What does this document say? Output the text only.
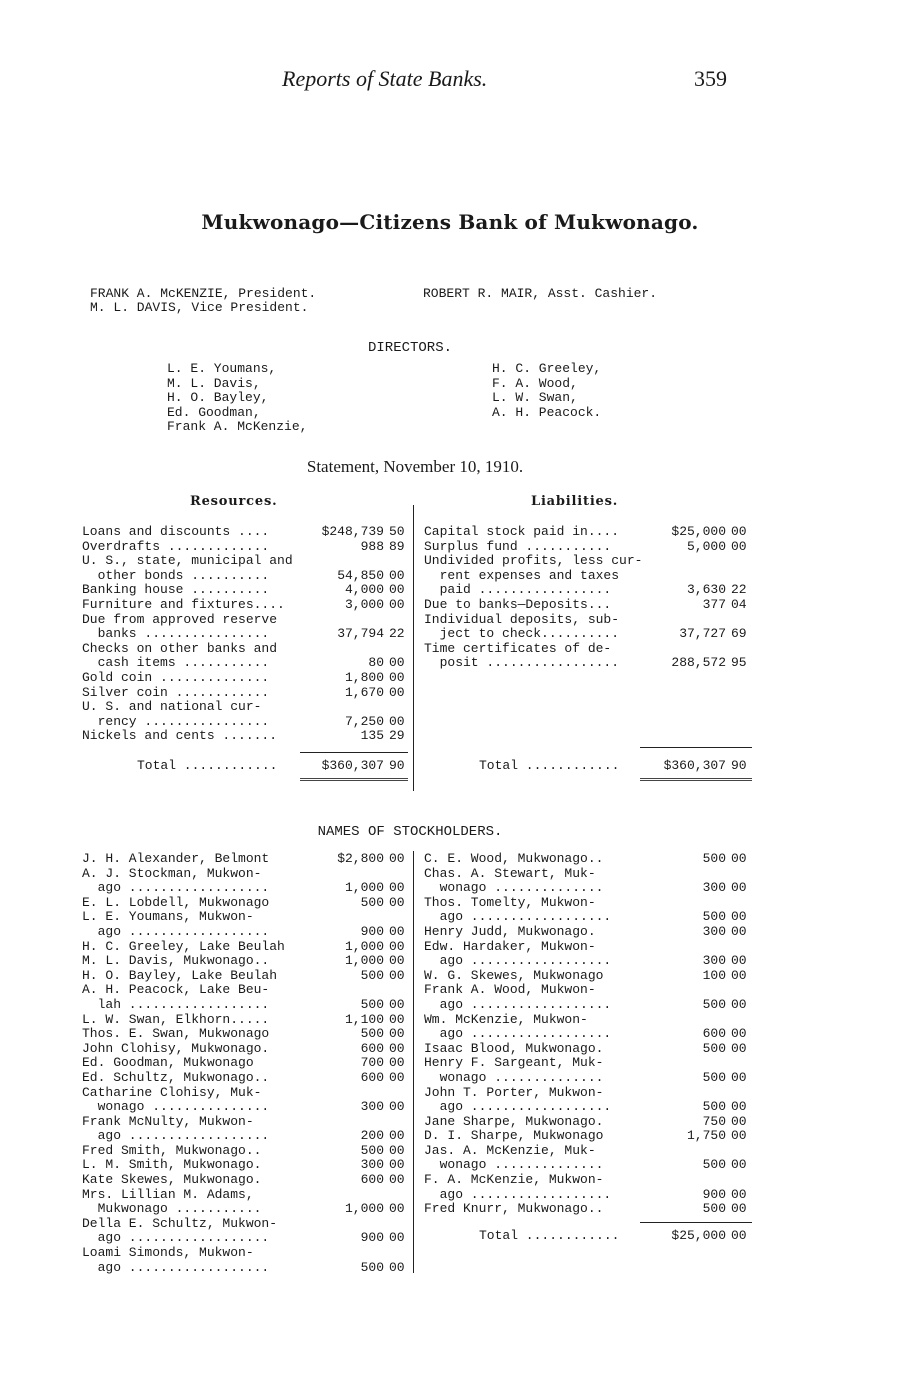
Reports of State Banks.	359
Mukwonago—Citizens Bank of Mukwonago.
FRANK A. McKENZIE, President.
M. L. DAVIS, Vice President.
ROBERT R. MAIR, Asst. Cashier.
DIRECTORS.
L. E. Youmans,
M. L. Davis,
H. O. Bayley,
Ed. Goodman,
Frank A. McKenzie,
H. C. Greeley,
F. A. Wood,
L. W. Swan,
A. H. Peacock.
Statement, November 10, 1910.
Resources.	Liabilities.
Loans and discounts ....	$248,739 50
Overdrafts .............	988 89
U. S., state, municipal and
other bonds ..........	54,850 00
Banking house ..........	4,000 00
Furniture and fixtures....	3,000 00
Due from approved reserve
banks ................	37,794 22
Checks on other banks and
cash items ...........	80 00
Gold coin ..............	1,800 00
Silver coin ............	1,670 00
U. S. and national cur-
rency ................	7,250 00
Nickels and cents .......	135 29
Capital stock paid in....	$25,000 00
Surplus fund ...........	5,000 00
Undivided profits, less cur-
rent expenses and taxes
paid .................	3,630 22
Due to banks—Deposits...	377 04
Individual deposits, sub-
ject to check..........	37,727 69
Time certificates of de-
posit .................	288,572 95
Total ............	$360,307 90	Total ............	$360,307 90
NAMES OF STOCKHOLDERS.
J. H. Alexander, Belmont	$2,800 00
A. J. Stockman, Mukwon-
ago ..................	1,000 00
E. L. Lobdell, Mukwonago	500 00
L. E. Youmans, Mukwon-
ago ..................	900 00
H. C. Greeley, Lake Beulah	1,000 00
M. L. Davis, Mukwonago..	1,000 00
H. O. Bayley, Lake Beulah	500 00
A. H. Peacock, Lake Beu-
lah ..................	500 00
L. W. Swan, Elkhorn.....	1,100 00
Thos. E. Swan, Mukwonago	500 00
John Clohisy, Mukwonago.	600 00
Ed. Goodman, Mukwonago	700 00
Ed. Schultz, Mukwonago..	600 00
Catharine Clohisy, Muk-
wonago ...............	300 00
Frank McNulty, Mukwon-
ago ..................	200 00
Fred Smith, Mukwonago..	500 00
L. M. Smith, Mukwonago.	300 00
Kate Skewes, Mukwonago.	600 00
Mrs. Lillian M. Adams,
Mukwonago ...........	1,000 00
Della E. Schultz, Mukwon-
ago ..................	900 00
Loami Simonds, Mukwon-
ago ..................	500 00
C. E. Wood, Mukwonago..	500 00
Chas. A. Stewart, Muk-
wonago ..............	300 00
Thos. Tomelty, Mukwon-
ago ..................	500 00
Henry Judd, Mukwonago.	300 00
Edw. Hardaker, Mukwon-
ago ..................	300 00
W. G. Skewes, Mukwonago	100 00
Frank A. Wood, Mukwon-
ago ..................	500 00
Wm. McKenzie, Mukwon-
ago ..................	600 00
Isaac Blood, Mukwonago.	500 00
Henry F. Sargeant, Muk-
wonago ..............	500 00
John T. Porter, Mukwon-
ago ..................	500 00
Jane Sharpe, Mukwonago.	750 00
D. I. Sharpe, Mukwonago	1,750 00
Jas. A. McKenzie, Muk-
wonago ..............	500 00
F. A. McKenzie, Mukwon-
ago ..................	900 00
Fred Knurr, Mukwonago..	500 00
Total ............	$25,000 00
